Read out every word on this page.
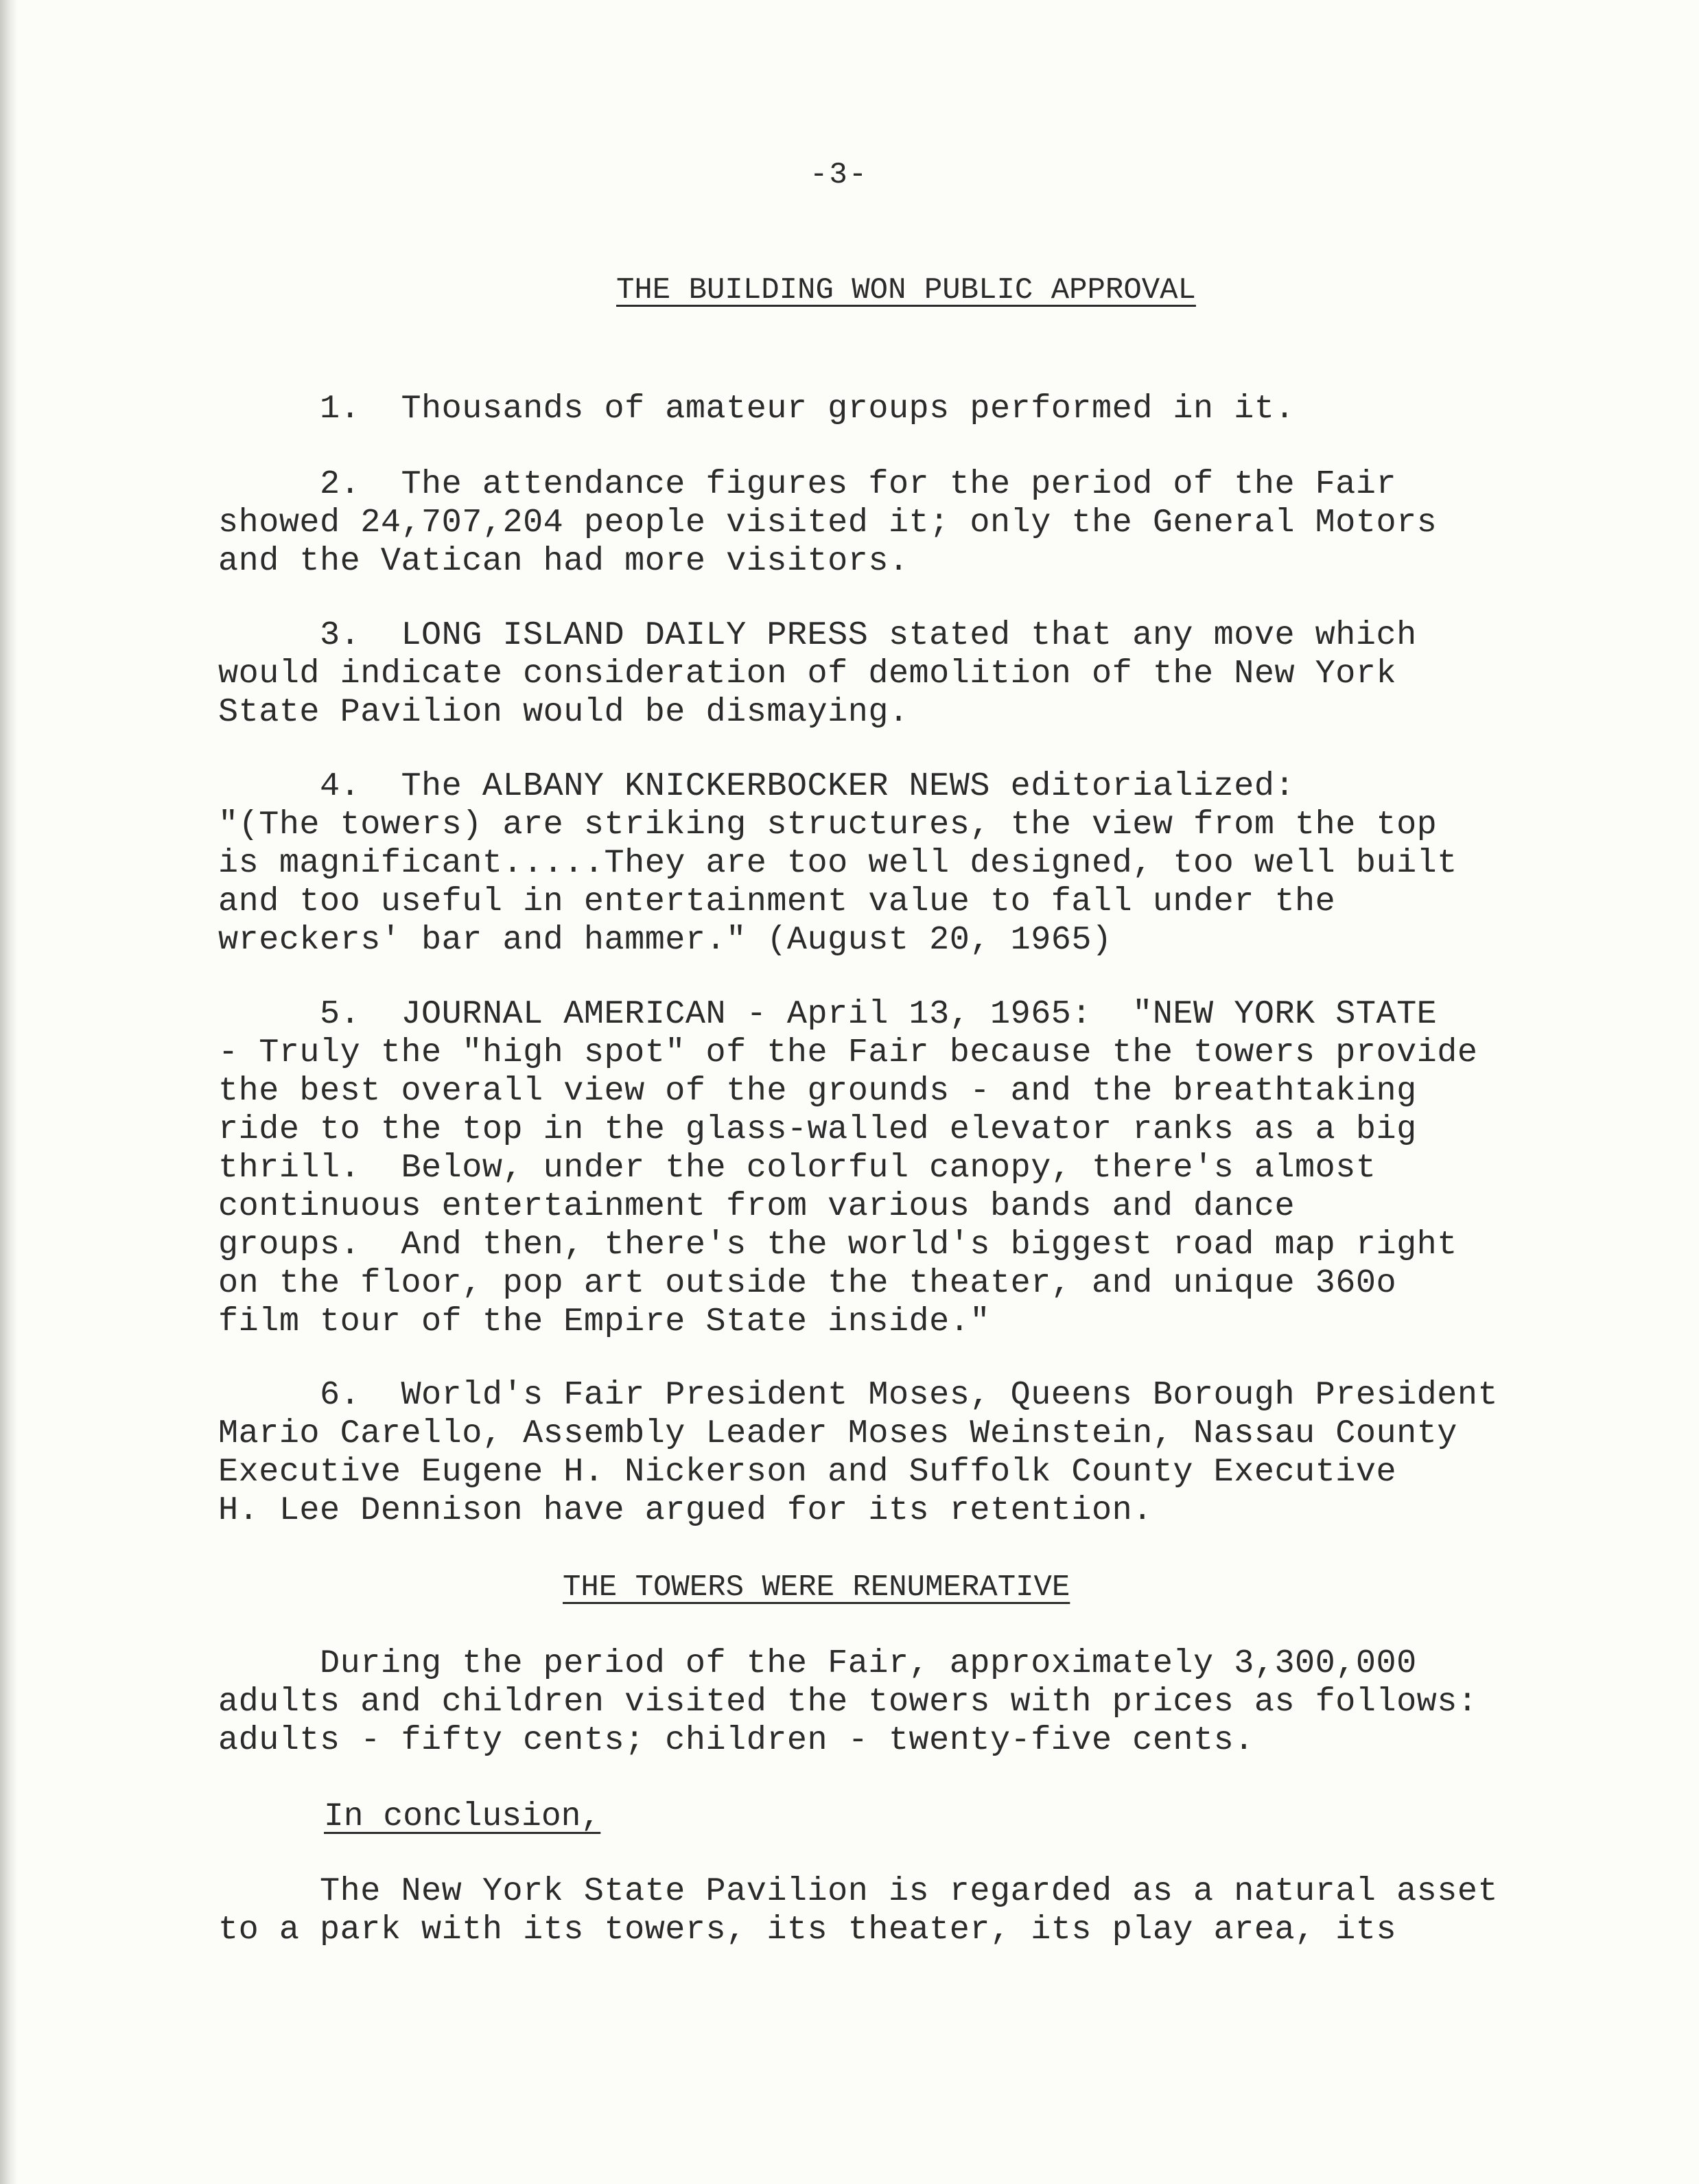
-3-
THE BUILDING WON PUBLIC APPROVAL
1.  Thousands of amateur groups performed in it.
2.  The attendance figures for the period of the Fair
showed 24,707,204 people visited it; only the General Motors
and the Vatican had more visitors.
3.  LONG ISLAND DAILY PRESS stated that any move which
would indicate consideration of demolition of the New York
State Pavilion would be dismaying.
4.  The ALBANY KNICKERBOCKER NEWS editorialized:
"(The towers) are striking structures, the view from the top
is magnificant.....They are too well designed, too well built
and too useful in entertainment value to fall under the
wreckers' bar and hammer." (August 20, 1965)
5.  JOURNAL AMERICAN - April 13, 1965:  "NEW YORK STATE
- Truly the "high spot" of the Fair because the towers provide
the best overall view of the grounds - and the breathtaking
ride to the top in the glass-walled elevator ranks as a big
thrill.  Below, under the colorful canopy, there's almost
continuous entertainment from various bands and dance
groups.  And then, there's the world's biggest road map right
on the floor, pop art outside the theater, and unique 360o
film tour of the Empire State inside."
6.  World's Fair President Moses, Queens Borough President
Mario Carello, Assembly Leader Moses Weinstein, Nassau County
Executive Eugene H. Nickerson and Suffolk County Executive
H. Lee Dennison have argued for its retention.
THE TOWERS WERE RENUMERATIVE
During the period of the Fair, approximately 3,300,000
adults and children visited the towers with prices as follows:
adults - fifty cents; children - twenty-five cents.
In conclusion,
The New York State Pavilion is regarded as a natural asset
to a park with its towers, its theater, its play area, its
